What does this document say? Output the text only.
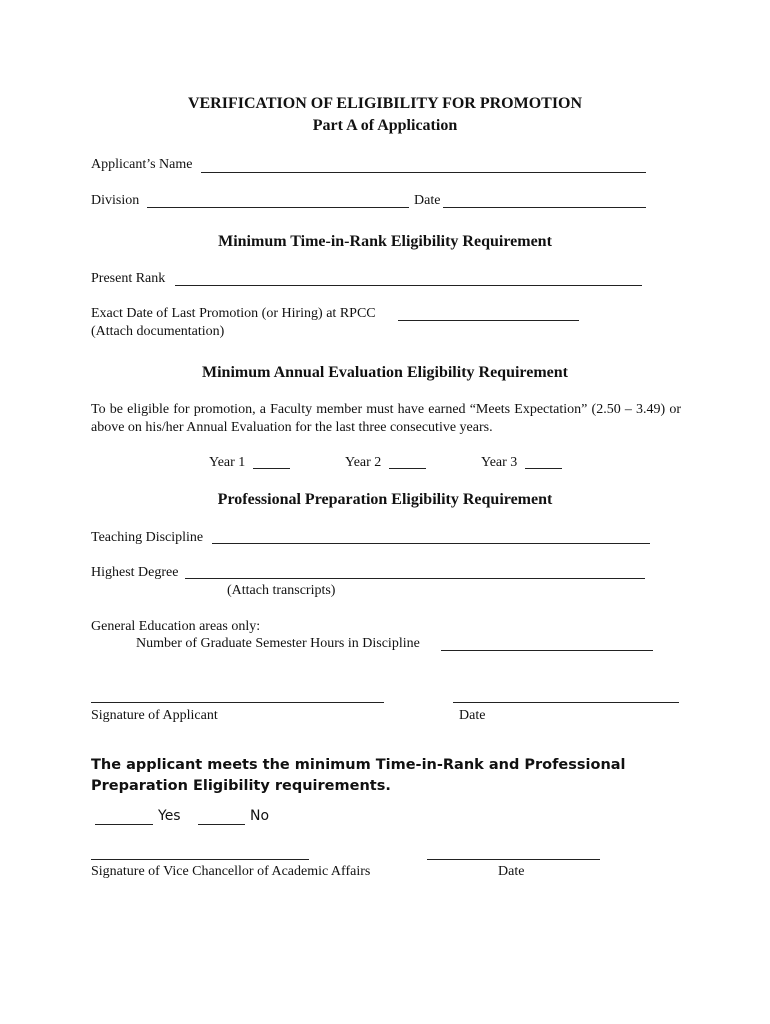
VERIFICATION OF ELIGIBILITY FOR PROMOTION
Part A of Application
Applicant’s Name
Division	Date
Minimum Time-in-Rank Eligibility Requirement
Present Rank
Exact Date of Last Promotion (or Hiring) at RPCC
(Attach documentation)
Minimum Annual Evaluation Eligibility Requirement
To be eligible for promotion, a Faculty member must have earned “Meets Expectation” (2.50 – 3.49) or above on his/her Annual Evaluation for the last three consecutive years.
Year 1	Year 2	Year 3
Professional Preparation Eligibility Requirement
Teaching Discipline
Highest Degree
(Attach transcripts)
General Education areas only:
Number of Graduate Semester Hours in Discipline
Signature of Applicant	Date
The applicant meets the minimum Time-in-Rank and Professional Preparation Eligibility requirements.
Yes	No
Signature of Vice Chancellor of Academic Affairs	Date
